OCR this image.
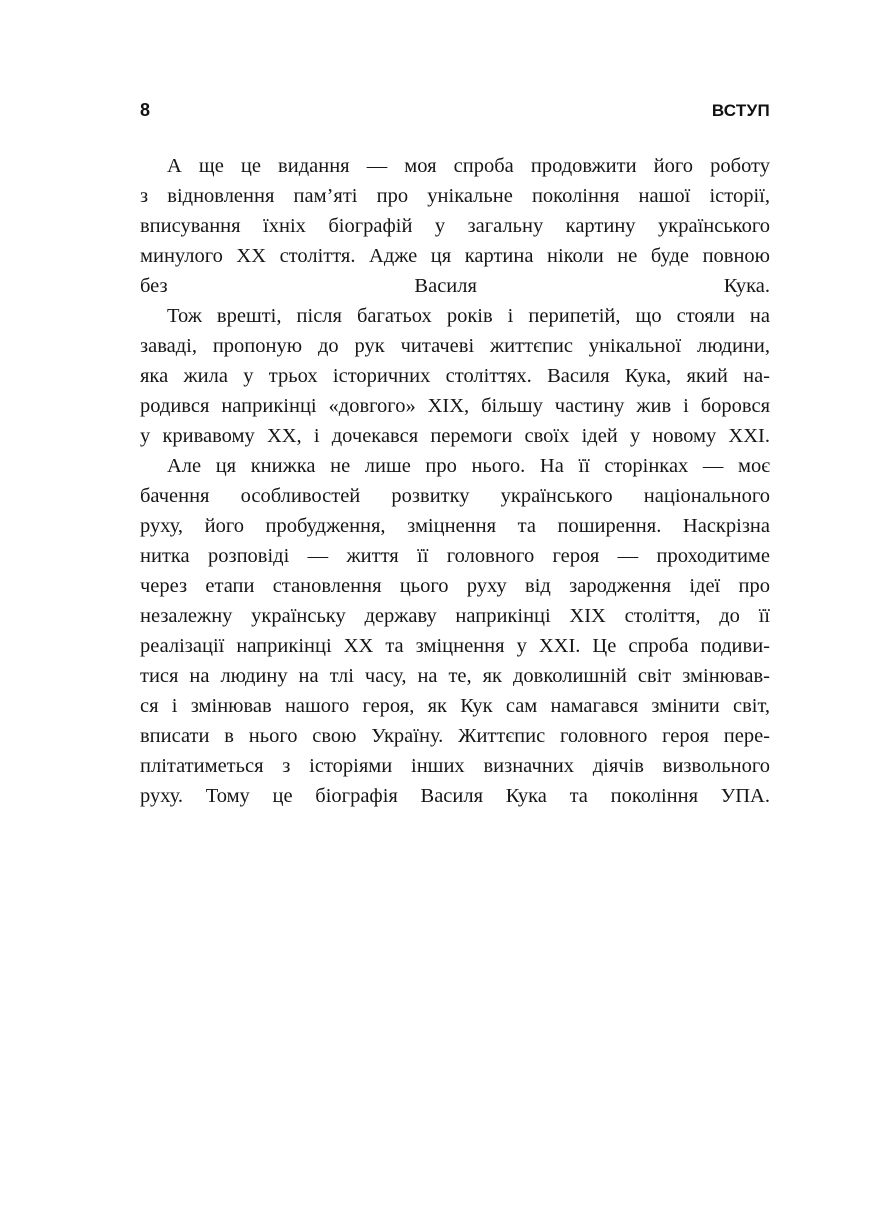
8	ВСТУП
А ще це видання — моя спроба продовжити його роботу
з відновлення пам’яті про унікальне покоління нашої історії,
вписування їхніх біографій у загальну картину українського
минулого XX століття. Адже ця картина ніколи не буде повною
без Василя Кука.
Тож врешті, після багатьох років і перипетій, що стояли на
заваді, пропоную до рук читачеві життєпис унікальної людини,
яка жила у трьох історичних століттях. Василя Кука, який на-
родився наприкінці «довгого» XIX, більшу частину жив і боровся
у кривавому XX, і дочекався перемоги своїх ідей у новому XXI.
Але ця книжка не лише про нього. На її сторінках — моє
бачення особливостей розвитку українського національного
руху, його пробудження, зміцнення та поширення. Наскрізна
нитка розповіді — життя її головного героя — проходитиме
через етапи становлення цього руху від зародження ідеї про
незалежну українську державу наприкінці XIX століття, до її
реалізації наприкінці XX та зміцнення у XXI. Це спроба подиви-
тися на людину на тлі часу, на те, як довколишній світ змінював-
ся і змінював нашого героя, як Кук сам намагався змінити світ,
вписати в нього свою Україну. Життєпис головного героя пере-
плітатиметься з історіями інших визначних діячів визвольного
руху. Тому це біографія Василя Кука та покоління УПА.
